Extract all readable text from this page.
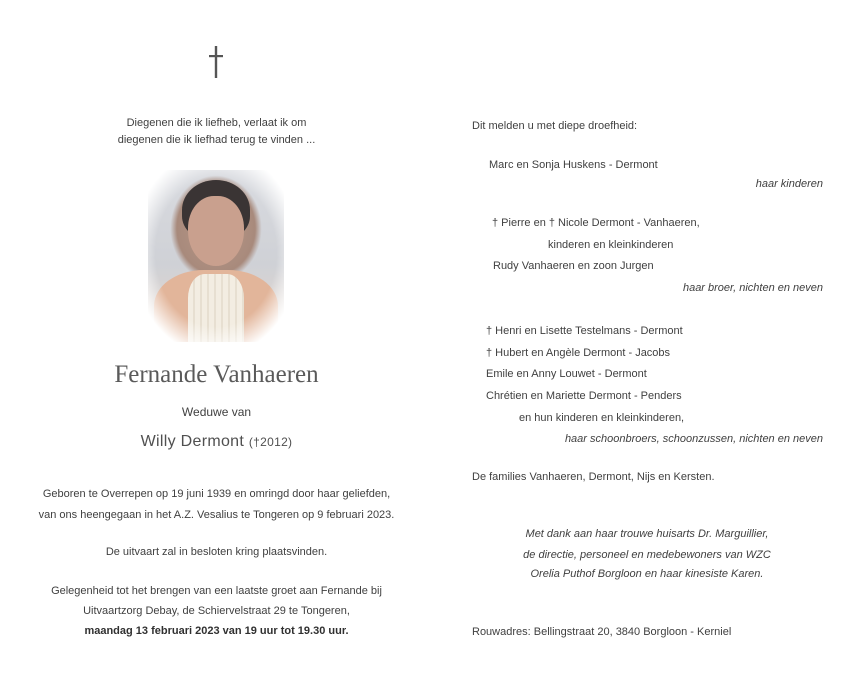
Diegenen die ik liefheb, verlaat ik om
diegenen die ik liefhad terug te vinden ...
Fernande Vanhaeren
Weduwe van
Willy Dermont (†2012)
Geboren te Overrepen op 19 juni 1939 en omringd door haar geliefden,
van ons heengegaan in het A.Z. Vesalius te Tongeren op 9 februari 2023.
De uitvaart zal in besloten kring plaatsvinden.
Gelegenheid tot het brengen van een laatste groet aan Fernande bij
Uitvaartzorg Debay, de Schiervelstraat 29 te Tongeren,
maandag 13 februari 2023 van 19 uur tot 19.30 uur.
Dit melden u met diepe droefheid:
Marc en Sonja Huskens - Dermont
haar kinderen
† Pierre en † Nicole Dermont - Vanhaeren,
kinderen en kleinkinderen
Rudy Vanhaeren en zoon Jurgen
haar broer, nichten en neven
† Henri en Lisette Testelmans - Dermont
† Hubert en Angèle Dermont - Jacobs
Emile en Anny Louwet - Dermont
Chrétien en Mariette Dermont - Penders
en hun kinderen en kleinkinderen,
haar schoonbroers, schoonzussen, nichten en neven
De families Vanhaeren, Dermont, Nijs en Kersten.
Met dank aan haar trouwe huisarts Dr. Marguillier,
de directie, personeel en medebewoners van WZC
Orelia Puthof Borgloon en haar kinesiste Karen.
Rouwadres: Bellingstraat 20, 3840 Borgloon - Kerniel
